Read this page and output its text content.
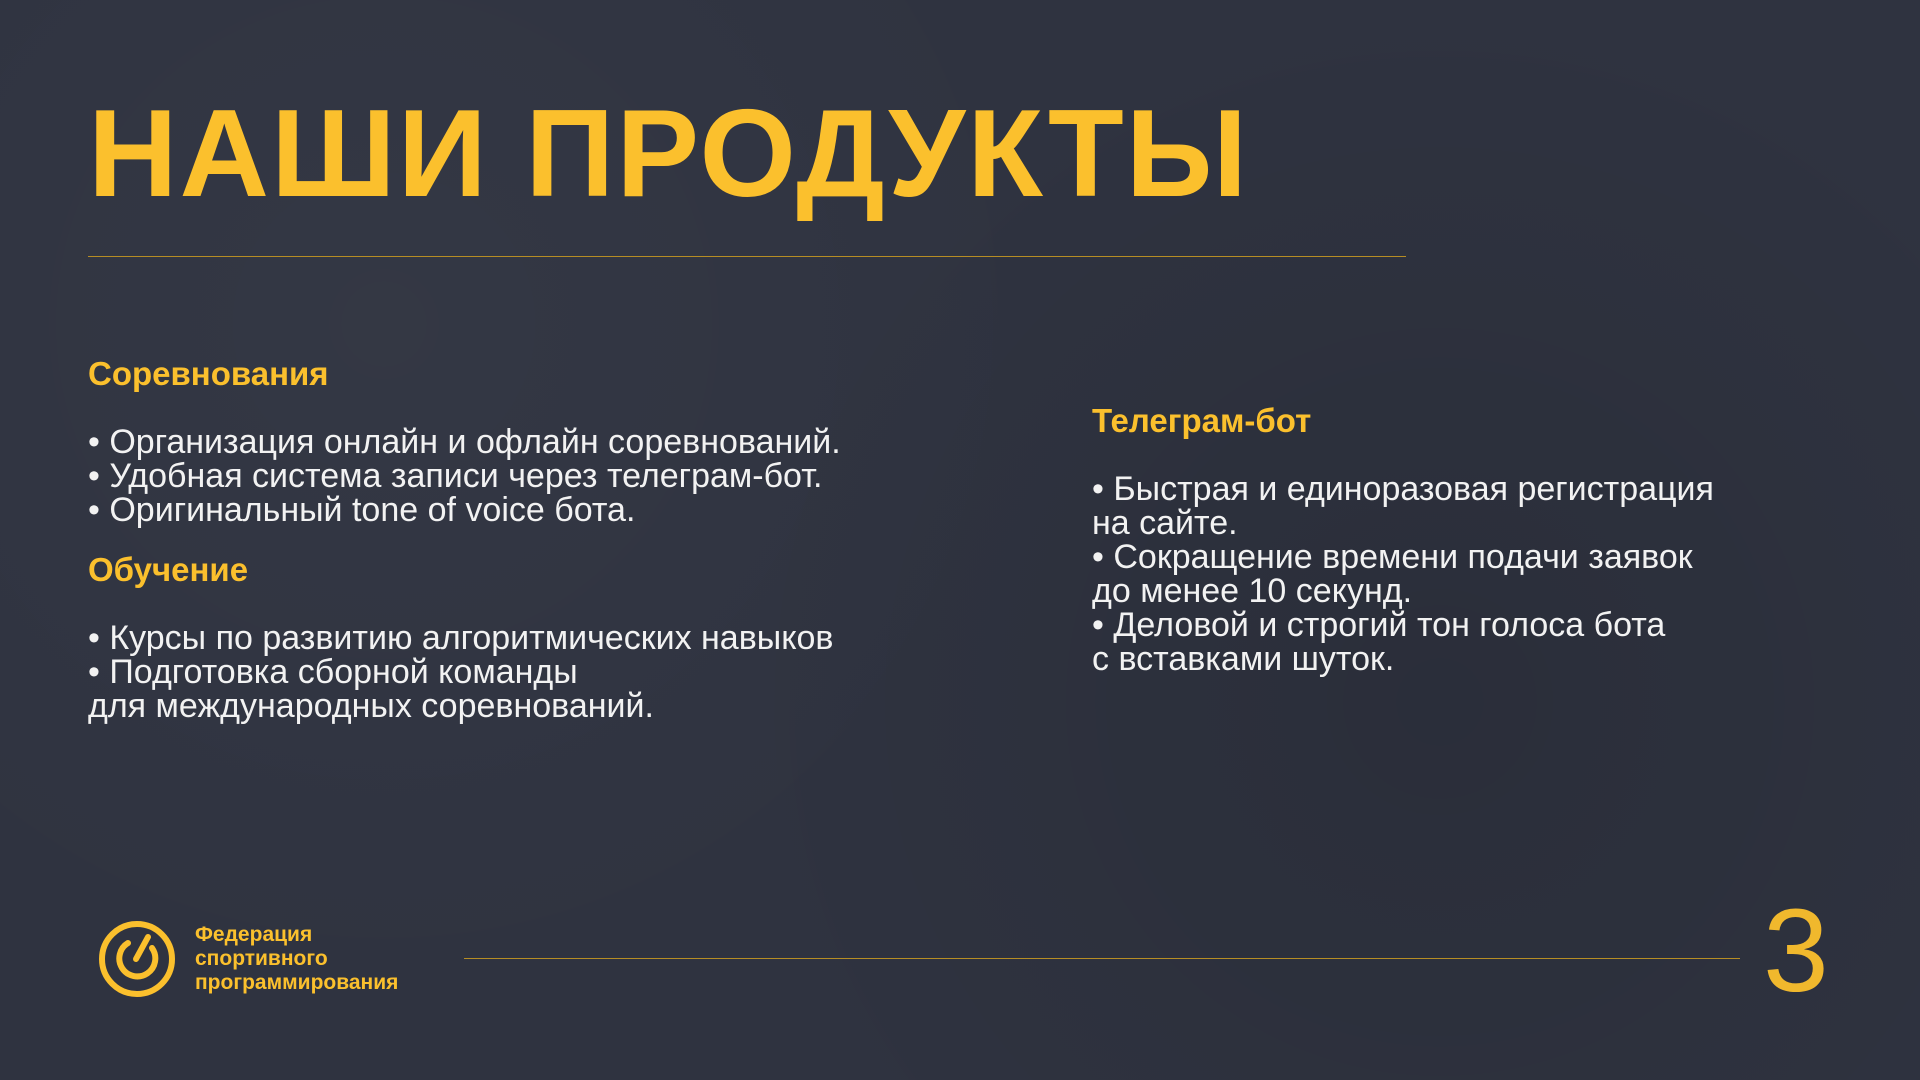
НАШИ ПРОДУКТЫ
Соревнования
• Организация онлайн и офлайн соревнований.
• Удобная система записи через телеграм-бот.
• Оригинальный tone of voice бота.
Обучение
• Курсы по развитию алгоритмических навыков
• Подготовка сборной команды
для международных соревнований.
Телеграм-бот
• Быстрая и единоразовая регистрация
на сайте.
• Сокращение времени подачи заявок
до менее 10 секунд.
• Деловой и строгий тон голоса бота
с вставками шуток.
Федерация
спортивного
программирования	3
